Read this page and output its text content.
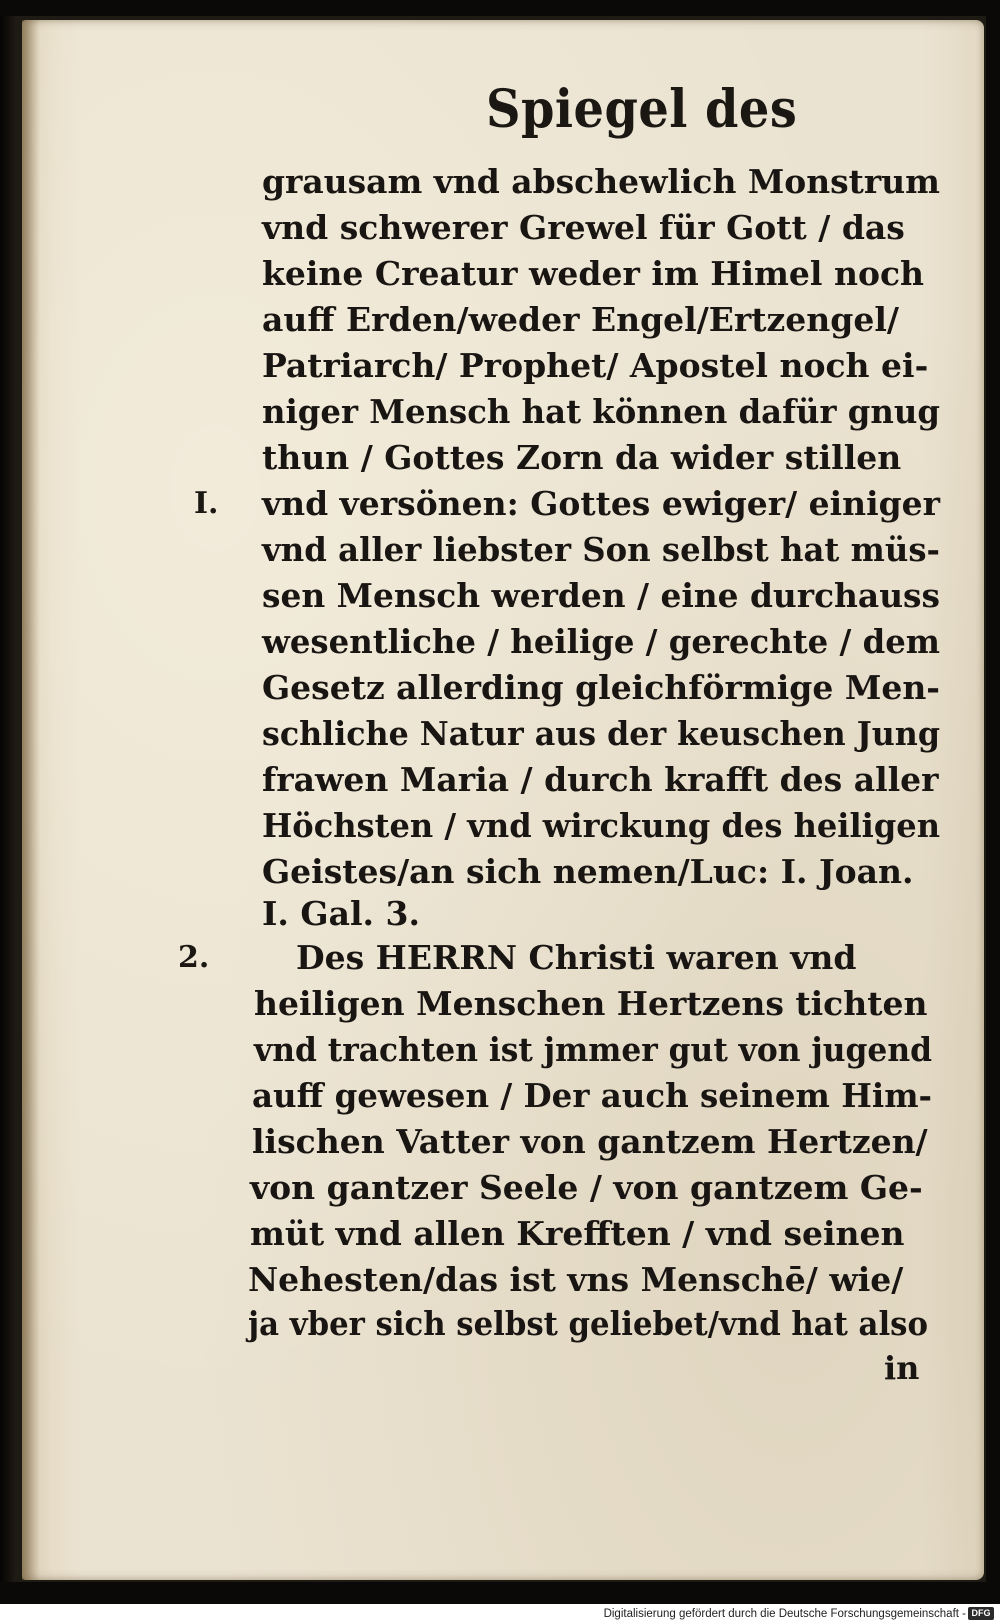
Spiegel des
grausam vnd abschewlich Monstrum
vnd schwerer Grewel für Gott / das
keine Creatur weder im Himel noch
auff Erden/weder Engel/Ertzengel/
Patriarch/ Prophet/ Apostel noch ei-
niger Mensch hat können dafür gnug
thun / Gottes Zorn da wider stillen
vnd versönen: Gottes ewiger/ einiger
vnd aller liebster Son selbst hat müs-
sen Mensch werden / eine durchauss
wesentliche / heilige / gerechte / dem
Gesetz allerding gleichförmige Men-
schliche Natur aus der keuschen Jung
frawen Maria / durch krafft des aller
Höchsten / vnd wirckung des heiligen
Geistes/an sich nemen/Luc: I. Joan.
I. Gal. 3.
Des HERRN Christi waren vnd
heiligen Menschen Hertzens tichten
vnd trachten ist jmmer gut von jugend
auff gewesen / Der auch seinem Him-
lischen Vatter von gantzem Hertzen/
von gantzer Seele / von gantzem Ge-
müt vnd allen Krefften / vnd seinen
Nehesten/das ist vns Menschē/ wie/
ja vber sich selbst geliebet/vnd hat also
I.
2.
in
Digitalisierung gefördert durch die Deutsche Forschungsgemeinschaft - DFG
